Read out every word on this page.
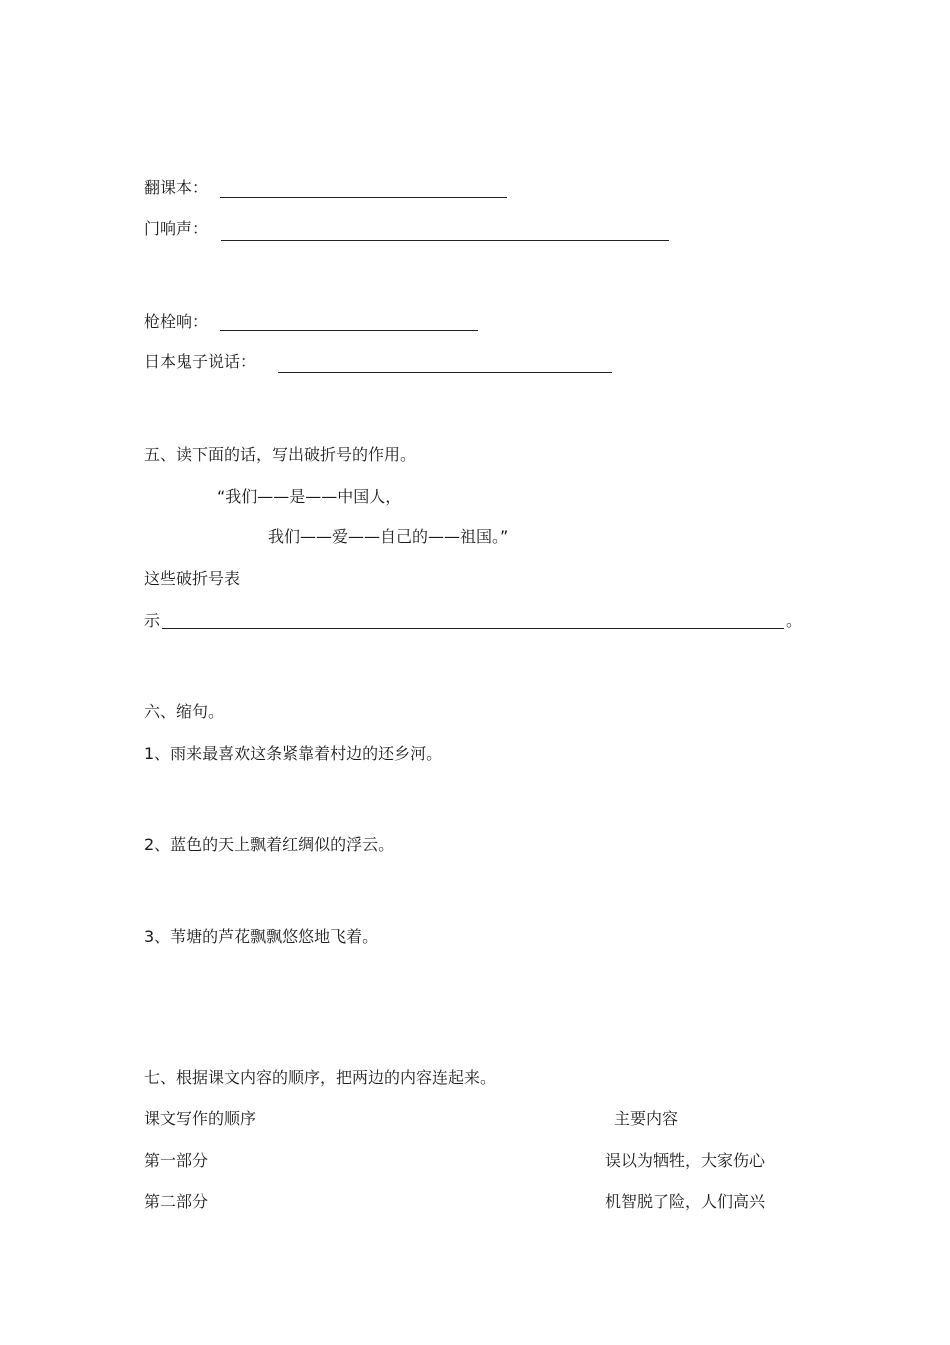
翻课本：
门响声：
枪栓响：
日本鬼子说话：
五、读下面的话，写出破折号的作用。
“我们——是——中国人，
我们——爱——自己的——祖国。”
这些破折号表
示	。
六、缩句。
1、雨来最喜欢这条紧靠着村边的还乡河。
2、蓝色的天上飘着红绸似的浮云。
3、苇塘的芦花飘飘悠悠地飞着。
七、根据课文内容的顺序，把两边的内容连起来。
课文写作的顺序	主要内容
第一部分	误以为牺牲，大家伤心
第二部分	机智脱了险，人们高兴
